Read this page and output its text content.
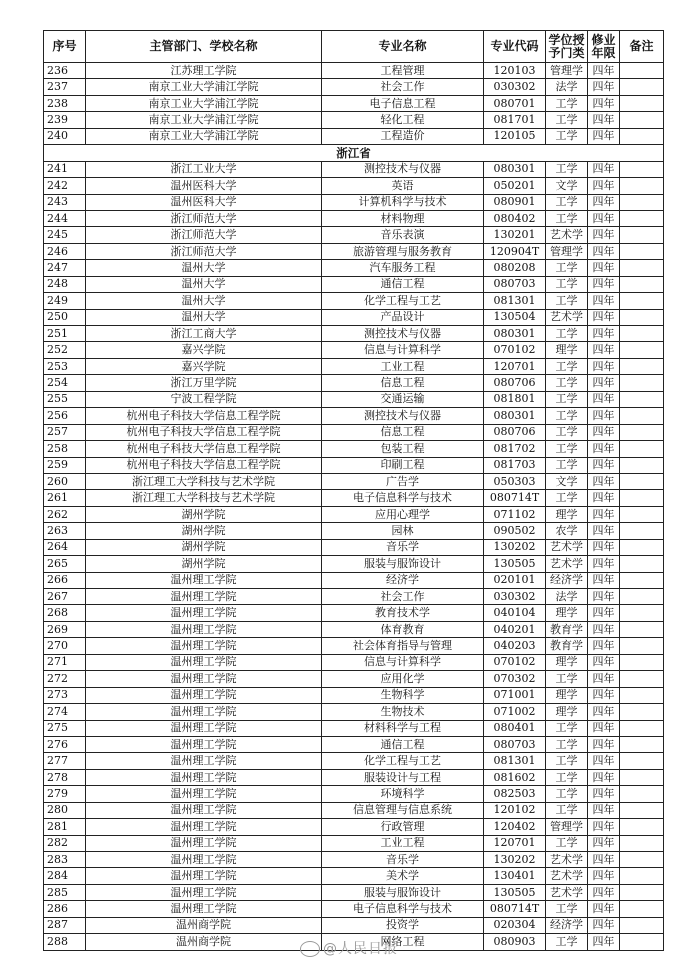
序号	主管部门、学校名称	专业名称	专业代码	学位授予门类	修业年限	备注
236	江苏理工学院	工程管理	120103	管理学	四年	
237	南京工业大学浦江学院	社会工作	030302	法学	四年	
238	南京工业大学浦江学院	电子信息工程	080701	工学	四年	
239	南京工业大学浦江学院	轻化工程	081701	工学	四年	
240	南京工业大学浦江学院	工程造价	120105	工学	四年	
浙江省						
241	浙江工业大学	测控技术与仪器	080301	工学	四年	
242	温州医科大学	英语	050201	文学	四年	
243	温州医科大学	计算机科学与技术	080901	工学	四年	
244	浙江师范大学	材料物理	080402	工学	四年	
245	浙江师范大学	音乐表演	130201	艺术学	四年	
246	浙江师范大学	旅游管理与服务教育	120904T	管理学	四年	
247	温州大学	汽车服务工程	080208	工学	四年	
248	温州大学	通信工程	080703	工学	四年	
249	温州大学	化学工程与工艺	081301	工学	四年	
250	温州大学	产品设计	130504	艺术学	四年	
251	浙江工商大学	测控技术与仪器	080301	工学	四年	
252	嘉兴学院	信息与计算科学	070102	理学	四年	
253	嘉兴学院	工业工程	120701	工学	四年	
254	浙江万里学院	信息工程	080706	工学	四年	
255	宁波工程学院	交通运输	081801	工学	四年	
256	杭州电子科技大学信息工程学院	测控技术与仪器	080301	工学	四年	
257	杭州电子科技大学信息工程学院	信息工程	080706	工学	四年	
258	杭州电子科技大学信息工程学院	包装工程	081702	工学	四年	
259	杭州电子科技大学信息工程学院	印刷工程	081703	工学	四年	
260	浙江理工大学科技与艺术学院	广告学	050303	文学	四年	
261	浙江理工大学科技与艺术学院	电子信息科学与技术	080714T	工学	四年	
262	湖州学院	应用心理学	071102	理学	四年	
263	湖州学院	园林	090502	农学	四年	
264	湖州学院	音乐学	130202	艺术学	四年	
265	湖州学院	服装与服饰设计	130505	艺术学	四年	
266	温州理工学院	经济学	020101	经济学	四年	
267	温州理工学院	社会工作	030302	法学	四年	
268	温州理工学院	教育技术学	040104	理学	四年	
269	温州理工学院	体育教育	040201	教育学	四年	
270	温州理工学院	社会体育指导与管理	040203	教育学	四年	
271	温州理工学院	信息与计算科学	070102	理学	四年	
272	温州理工学院	应用化学	070302	工学	四年	
273	温州理工学院	生物科学	071001	理学	四年	
274	温州理工学院	生物技术	071002	理学	四年	
275	温州理工学院	材料科学与工程	080401	工学	四年	
276	温州理工学院	通信工程	080703	工学	四年	
277	温州理工学院	化学工程与工艺	081301	工学	四年	
278	温州理工学院	服装设计与工程	081602	工学	四年	
279	温州理工学院	环境科学	082503	工学	四年	
280	温州理工学院	信息管理与信息系统	120102	工学	四年	
281	温州理工学院	行政管理	120402	管理学	四年	
282	温州理工学院	工业工程	120701	工学	四年	
283	温州理工学院	音乐学	130202	艺术学	四年	
284	温州理工学院	美术学	130401	艺术学	四年	
285	温州理工学院	服装与服饰设计	130505	艺术学	四年	
286	温州理工学院	电子信息科学与技术	080714T	工学	四年	
287	温州商学院	投资学	020304	经济学	四年	
288	温州商学院	网络工程	080903	工学	四年	
@人民日报
